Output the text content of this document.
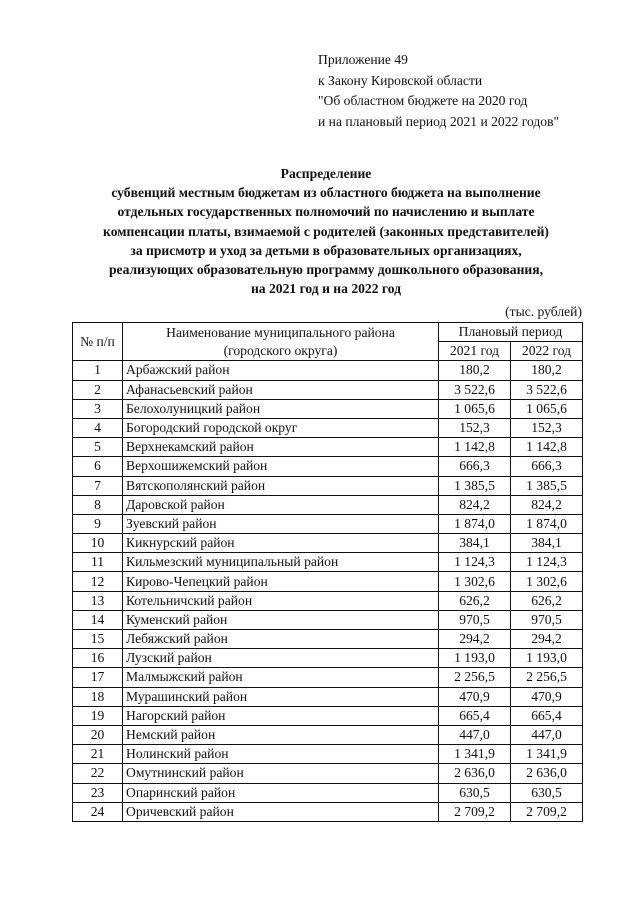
Приложение 49
к Закону Кировской области
"Об областном бюджете на 2020 год
и на плановый период 2021 и 2022 годов"
Распределение
субвенций местным бюджетам из областного бюджета на выполнение
отдельных государственных полномочий по начислению и выплате
компенсации платы, взимаемой с родителей (законных представителей)
за присмотр и уход за детьми в образовательных организациях,
реализующих образовательную программу дошкольного образования,
на 2021 год и на 2022 год
(тыс. рублей)
№ п/п	Наименование муниципального района
(городского округа)	Плановый период	
		2021 год	2022 год
1	Арбажский район	180,2	180,2
2	Афанасьевский район	3 522,6	3 522,6
3	Белохолуницкий район	1 065,6	1 065,6
4	Богородский городской округ	152,3	152,3
5	Верхнекамский район	1 142,8	1 142,8
6	Верхошижемский район	666,3	666,3
7	Вятскополянский район	1 385,5	1 385,5
8	Даровской район	824,2	824,2
9	Зуевский район	1 874,0	1 874,0
10	Кикнурский район	384,1	384,1
11	Кильмезский муниципальный район	1 124,3	1 124,3
12	Кирово-Чепецкий район	1 302,6	1 302,6
13	Котельничский район	626,2	626,2
14	Куменский район	970,5	970,5
15	Лебяжский район	294,2	294,2
16	Лузский район	1 193,0	1 193,0
17	Малмыжский район	2 256,5	2 256,5
18	Мурашинский район	470,9	470,9
19	Нагорский район	665,4	665,4
20	Немский район	447,0	447,0
21	Нолинский район	1 341,9	1 341,9
22	Омутнинский район	2 636,0	2 636,0
23	Опаринский район	630,5	630,5
24	Оричевский район	2 709,2	2 709,2
